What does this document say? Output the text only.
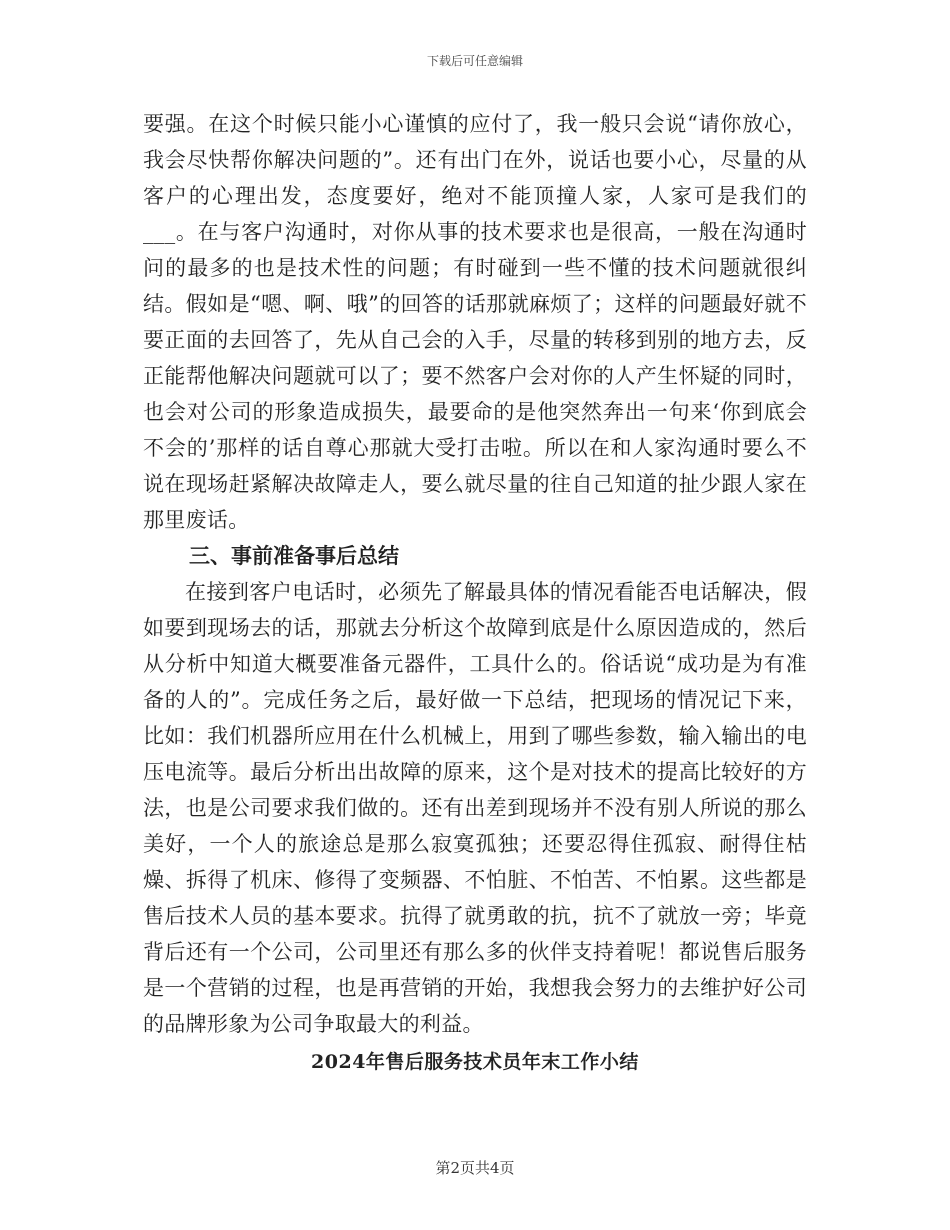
下载后可任意编辑

要强。在这个时候只能小心谨慎的应付了，我一般只会说“请你放心，我会尽快帮你解决问题的”。还有出门在外，说话也要小心，尽量的从客户的心理出发，态度要好，绝对不能顶撞人家，人家可是我们的___。在与客户沟通时，对你从事的技术要求也是很高，一般在沟通时问的最多的也是技术性的问题；有时碰到一些不懂的技术问题就很纠结。假如是“嗯、啊、哦”的回答的话那就麻烦了；这样的问题最好就不要正面的去回答了，先从自己会的入手，尽量的转移到别的地方去，反正能帮他解决问题就可以了；要不然客户会对你的人产生怀疑的同时，也会对公司的形象造成损失，最要命的是他突然奔出一句来‘你到底会不会的’那样的话自尊心那就大受打击啦。所以在和人家沟通时要么不说在现场赶紧解决故障走人，要么就尽量的往自己知道的扯少跟人家在那里废话。

三、事前准备事后总结

在接到客户电话时，必须先了解最具体的情况看能否电话解决，假如要到现场去的话，那就去分析这个故障到底是什么原因造成的，然后从分析中知道大概要准备元器件，工具什么的。俗话说“成功是为有准备的人的”。完成任务之后，最好做一下总结，把现场的情况记下来，比如：我们机器所应用在什么机械上，用到了哪些参数，输入输出的电压电流等。最后分析出出故障的原来，这个是对技术的提高比较好的方法，也是公司要求我们做的。还有出差到现场并不没有别人所说的那么美好，一个人的旅途总是那么寂寞孤独；还要忍得住孤寂、耐得住枯燥、拆得了机床、修得了变频器、不怕脏、不怕苦、不怕累。这些都是售后技术人员的基本要求。抗得了就勇敢的抗，抗不了就放一旁；毕竟背后还有一个公司，公司里还有那么多的伙伴支持着呢！都说售后服务是一个营销的过程，也是再营销的开始，我想我会努力的去维护好公司的品牌形象为公司争取最大的利益。

2024年售后服务技术员年末工作小结

第2页共4页
